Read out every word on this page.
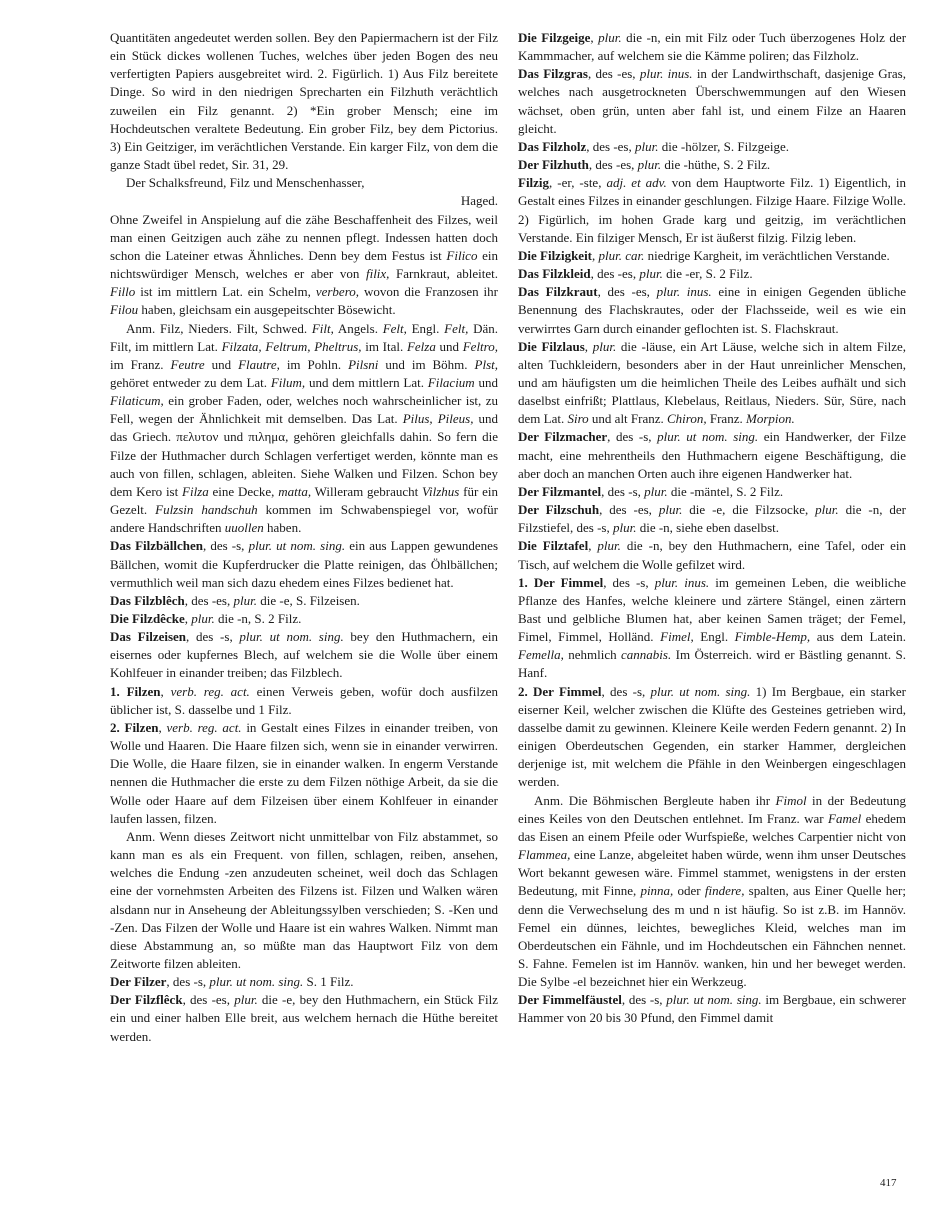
Quantitäten angedeutet werden sollen. Bey den Papiermachern ist der Filz ein Stück dickes wollenen Tuches, welches über jeden Bogen des neu verfertigten Papiers ausgebreitet wird. 2. Figürlich. 1) Aus Filz bereitete Dinge. So wird in den niedrigen Sprecharten ein Filzhuth verächtlich zuweilen ein Filz genannt. 2) *Ein grober Mensch; eine im Hochdeutschen veraltete Bedeutung. Ein grober Filz, bey dem Pictorius. 3) Ein Geitziger, im verächtlichen Verstande. Ein karger Filz, von dem die ganze Stadt übel redet, Sir. 31, 29.

Der Schalksfreund, Filz und Menschenhasser,

Haged.

Ohne Zweifel in Anspielung auf die zähe Beschaffenheit des Filzes, weil man einen Geitzigen auch zähe zu nennen pflegt. Indessen hatten doch schon die Lateiner etwas Ähnliches. Denn bey dem Festus ist Filico ein nichtswürdiger Mensch, welches er aber von filix, Farnkraut, ableitet. Fillo ist im mittlern Lat. ein Schelm, verbero, wovon die Franzosen ihr Filou haben, gleichsam ein ausgepeitschter Bösewicht.

Anm. Filz, Nieders. Filt, Schwed. Filt, Angels. Felt, Engl. Felt, Dän. Filt, im mittlern Lat. Filzata, Feltrum, Pheltrus, im Ital. Felza und Feltro, im Franz. Feutre und Flautre, im Pohln. Pilsni und im Böhm. Plst, gehöret entweder zu dem Lat. Filum, und dem mittlern Lat. Filacium und Filaticum, ein grober Faden, oder, welches noch wahrscheinlicher ist, zu Fell, wegen der Ähnlichkeit mit demselben. Das Lat. Pilus, Pileus, und das Griech. πελυτον und πιλημα, gehören gleichfalls dahin. So fern die Filze der Huthmacher durch Schlagen verfertiget werden, könnte man es auch von fillen, schlagen, ableiten. Siehe Walken und Filzen. Schon bey dem Kero ist Filza eine Decke, matta, Willeram gebraucht Vilzhus für ein Gezelt. Fulzsin handschuh kommen im Schwabenspiegel vor, wofür andere Handschriften uuollen haben.

Das Filzbällchen, des -s, plur. ut nom. sing. ein aus Lappen gewundenes Bällchen, womit die Kupferdrucker die Platte reinigen, das Öhlbällchen; vermuthlich weil man sich dazu ehedem eines Filzes bedienet hat.

Das Filzblêch, des -es, plur. die -e, S. Filzeisen.

Die Filzdêcke, plur. die -n, S. 2 Filz.

Das Filzeisen, des -s, plur. ut nom. sing. bey den Huthmachern, ein eisernes oder kupfernes Blech, auf welchem sie die Wolle über einem Kohlfeuer in einander treiben; das Filzblech.

1. Filzen, verb. reg. act. einen Verweis geben, wofür doch ausfilzen üblicher ist, S. dasselbe und 1 Filz.

2. Filzen, verb. reg. act. in Gestalt eines Filzes in einander treiben, von Wolle und Haaren. Die Haare filzen sich, wenn sie in einander verwirren. Die Wolle, die Haare filzen, sie in einander walken. In engerm Verstande nennen die Huthmacher die erste zu dem Filzen nöthige Arbeit, da sie die Wolle oder Haare auf dem Filzeisen über einem Kohlfeuer in einander laufen lassen, filzen.

Anm. Wenn dieses Zeitwort nicht unmittelbar von Filz abstammet, so kann man es als ein Frequent. von fillen, schlagen, reiben, ansehen, welches die Endung -zen anzudeuten scheinet, weil doch das Schlagen eine der vornehmsten Arbeiten des Filzens ist. Filzen und Walken wären alsdann nur in Anseheung der Ableitungssylben verschieden; S. -Ken und -Zen. Das Filzen der Wolle und Haare ist ein wahres Walken. Nimmt man diese Abstammung an, so müßte man das Hauptwort Filz von dem Zeitworte filzen ableiten.

Der Filzer, des -s, plur. ut nom. sing. S. 1 Filz.

Der Filzflêck, des -es, plur. die -e, bey den Huthmachern, ein Stück Filz ein und einer halben Elle breit, aus welchem hernach die Hüthe bereitet werden.

Die Filzgeige, plur. die -n, ein mit Filz oder Tuch überzogenes Holz der Kammmacher, auf welchem sie die Kämme poliren; das Filzholz.

Das Filzgras, des -es, plur. inus. in der Landwirthschaft, dasjenige Gras, welches nach ausgetrockneten Überschwemmungen auf den Wiesen wächset, oben grün, unten aber fahl ist, und einem Filze an Haaren gleicht.

Das Filzholz, des -es, plur. die -hölzer, S. Filzgeige.

Der Filzhuth, des -es, plur. die -hüthe, S. 2 Filz.

Filzig, -er, -ste, adj. et adv. von dem Hauptworte Filz. 1) Eigentlich, in Gestalt eines Filzes in einander geschlungen. Filzige Haare. Filzige Wolle. 2) Figürlich, im hohen Grade karg und geitzig, im verächtlichen Verstande. Ein filziger Mensch, Er ist äußerst filzig. Filzig leben.

Die Filzigkeit, plur. car. niedrige Kargheit, im verächtlichen Verstande.

Das Filzkleid, des -es, plur. die -er, S. 2 Filz.

Das Filzkraut, des -es, plur. inus. eine in einigen Gegenden übliche Benennung des Flachskrautes, oder der Flachsseide, weil es wie ein verwirrtes Garn durch einander geflochten ist. S. Flachskraut.

Die Filzlaus, plur. die -läuse, ein Art Läuse, welche sich in altem Filze, alten Tuchkleidern, besonders aber in der Haut unreinlicher Menschen, und am häufigsten um die heimlichen Theile des Leibes aufhält und sich daselbst einfrißt; Plattlaus, Klebelaus, Reitlaus, Nieders. Sür, Süre, nach dem Lat. Siro und alt Franz. Chiron, Franz. Morpion.

Der Filzmacher, des -s, plur. ut nom. sing. ein Handwerker, der Filze macht, eine mehrentheils den Huthmachern eigene Beschäftigung, die aber doch an manchen Orten auch ihre eigenen Handwerker hat.

Der Filzmantel, des -s, plur. die -mäntel, S. 2 Filz.

Der Filzschuh, des -es, plur. die -e, die Filzsocke, plur. die -n, der Filzstiefel, des -s, plur. die -n, siehe eben daselbst.

Die Filztafel, plur. die -n, bey den Huthmachern, eine Tafel, oder ein Tisch, auf welchem die Wolle gefilzet wird.

1. Der Fimmel, des -s, plur. inus. im gemeinen Leben, die weibliche Pflanze des Hanfes, welche kleinere und zärtere Stängel, einen zärtern Bast und gelbliche Blumen hat, aber keinen Samen träget; der Femel, Fimel, Fimmel, Holländ. Fimel, Engl. Fimble-Hemp, aus dem Latein. Femella, nehmlich cannabis. Im Österreich. wird er Bästling genannt. S. Hanf.

2. Der Fimmel, des -s, plur. ut nom. sing. 1) Im Bergbaue, ein starker eiserner Keil, welcher zwischen die Klüfte des Gesteines getrieben wird, dasselbe damit zu gewinnen. Kleinere Keile werden Federn genannt. 2) In einigen Oberdeutschen Gegenden, ein starker Hammer, dergleichen derjenige ist, mit welchem die Pfähle in den Weinbergen eingeschlagen werden.

Anm. Die Böhmischen Bergleute haben ihr Fimol in der Bedeutung eines Keiles von den Deutschen entlehnet. Im Franz. war Famel ehedem das Eisen an einem Pfeile oder Wurfspieße, welches Carpentier nicht von Flammea, eine Lanze, abgeleitet haben würde, wenn ihm unser Deutsches Wort bekannt gewesen wäre. Fimmel stammet, wenigstens in der ersten Bedeutung, mit Finne, pinna, oder findere, spalten, aus Einer Quelle her; denn die Verwechselung des m und n ist häufig. So ist z.B. im Hannöv. Femel ein dünnes, leichtes, bewegliches Kleid, welches man im Oberdeutschen ein Fähnle, und im Hochdeutschen ein Fähnchen nennet. S. Fahne. Femelen ist im Hannöv. wanken, hin und her beweget werden. Die Sylbe -el bezeichnet hier ein Werkzeug.

Der Fimmelfäustel, des -s, plur. ut nom. sing. im Bergbaue, ein schwerer Hammer von 20 bis 30 Pfund, den Fimmel damit

417
